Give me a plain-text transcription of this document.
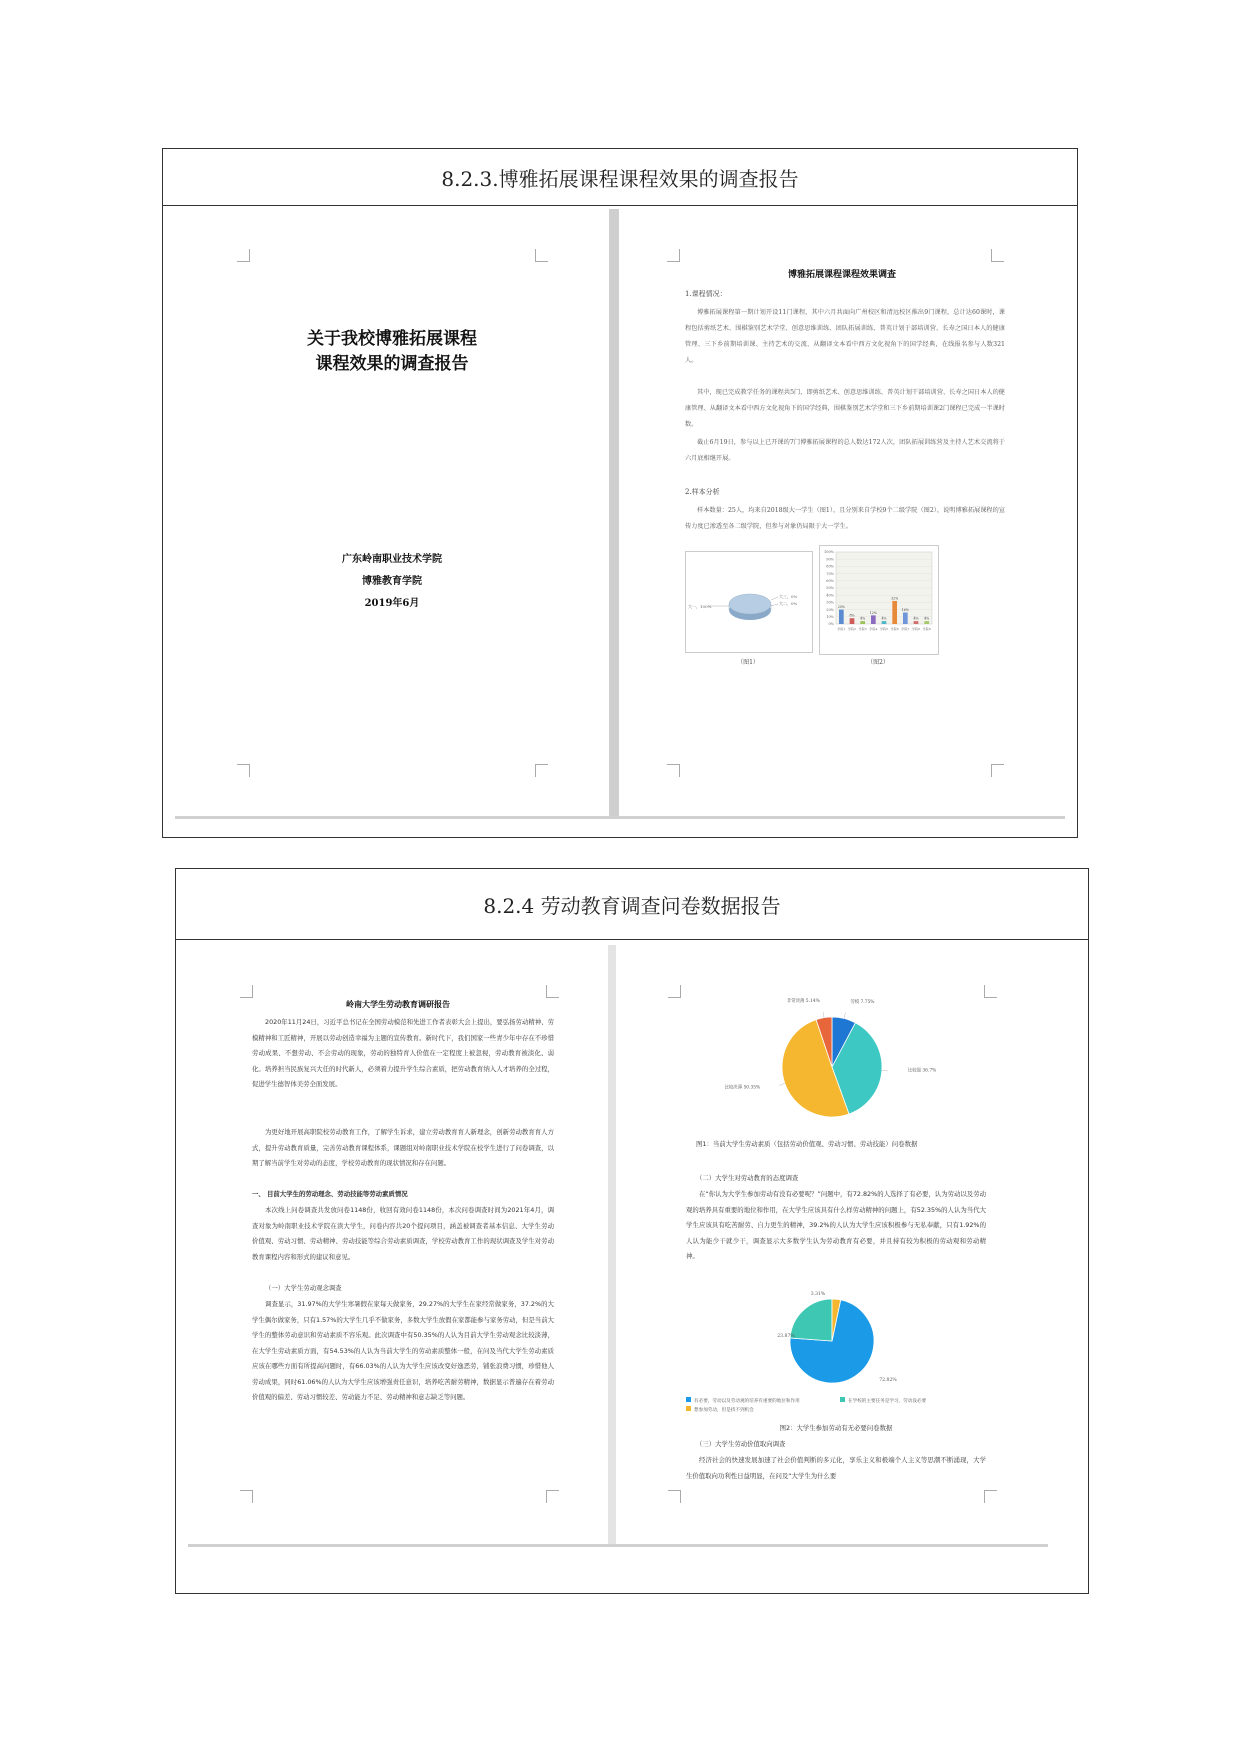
8.2.3.博雅拓展课程课程效果的调查报告
关于我校博雅拓展课程
课程效果的调查报告
广东岭南职业技术学院
博雅教育学院
2019年6月
博雅拓展课程课程效果调查
1.课程情况：
博雅拓展课程第一期计划开设11门课程，其中六月共面向广州校区和清远校区推出9门课程，总计达60课时，课程包括剪纸艺术、围棋鉴别艺术学堂、创意思维训练、团队拓展训练、普英计划于部培训营、长寿之国日本人的健康管理、三下乡前期培训课、主持艺术的交流、从翻译文本看中西方文化视角下的国学经典，在线报名参与人数321人。
其中，现已完成教学任务的课程共5门，即剪纸艺术、创意思维训练、普英计划干部培训营、长寿之国日本人的健康管理、从翻译文本看中西方文化视角下的国学经典，围棋鉴别艺术学堂和三下乡前期培训课2门课程已完成一半课时数。
截止6月19日，参与以上已开课的7门博雅拓展课程的总人数达172人次，团队拓展训练营及主持人艺术交流将于六月底相继开展。
2.样本分析
样本数量：25人，均来自2018级大一学生（图1），且分别来自学校9个二级学院（图2），说明博雅拓展课程的宣传力度已渗透至各二级学院，但参与对象仍局限于大一学生。
大一，100%
大三，0%
大二，0%
（图1）
100%
90%
80%
70%
60%
50%
40%
30%
20%
10%
0%
20%
学院1
8%
学院2
4%
学院3
12%
学院4
4%
学院5
32%
学院6
16%
学院7
4%
学院8
4%
学院9
（图2）
8.2.4 劳动教育调查问卷数据报告
岭南大学生劳动教育调研报告
2020年11月24日，习近平总书记在全国劳动模范和先进工作者表彰大会上提出，要弘扬劳动精神、劳模精神和工匠精神，开展以劳动创造幸福为主题的宣传教育。新时代下，我们国家一些青少年中存在不珍惜劳动成果、不想劳动、不会劳动的现象，劳动的独特育人价值在一定程度上被忽视，劳动教育被淡化、弱化。培养担当民族复兴大任的时代新人，必须着力提升学生综合素质，把劳动教育纳入人才培养的全过程，促进学生德智体美劳全面发展。
为更好地开展高职院校劳动教育工作，了解学生诉求，建立劳动教育育人新理念，创新劳动教育育人方式，提升劳动教育质量，完善劳动教育课程体系，课题组对岭南职业技术学院在校学生进行了问卷调查，以期了解当前学生对劳动的态度，学校劳动教育的现状情况和存在问题。
一、 目前大学生的劳动理念、劳动技能等劳动素质情况
本次线上问卷调查共发放问卷1148份，收回有效问卷1148份，本次问卷调查时间为2021年4月，调查对象为岭南职业技术学院在读大学生，问卷内容共20个提问项目，涵盖被调查者基本信息、大学生劳动价值观、劳动习惯、劳动精神、劳动技能等综合劳动素质调查，学校劳动教育工作的现状调查及学生对劳动教育课程内容和形式的建议和意见。
（一）大学生劳动观念调查
调查显示，31.97%的大学生寒暑假在家每天做家务，29.27%的大学生在家经常做家务，37.2%的大学生偶尔做家务，只有1.57%的大学生几乎不做家务，多数大学生放假在家都能参与家务劳动，但是当前大学生的整体劳动意识和劳动素质不容乐观。此次调查中有50.35%的人认为目前大学生劳动观念比较淡薄，在大学生劳动素质方面，有54.53%的人认为当前大学生的劳动素质整体一般，在问及当代大学生劳动素质应该在哪些方面有所提高问题时，有66.03%的人认为大学生应该改变好逸恶劳，铺张浪费习惯，珍惜他人劳动成果，同时61.06%的人认为大学生应该增强责任意识，培养吃苦耐劳精神，数据显示普遍存在着劳动价值观的偏差、劳动习惯较差、劳动能力不足、劳动精神和意志缺乏等问题。
劳模 7.75%
比较强 36.7%
比较淡薄 50.35%
非常淡薄 5.14%
图1：当前大学生劳动素质（包括劳动价值观、劳动习惯、劳动技能）问卷数据
（二）大学生对劳动教育的态度调查
在“你认为大学生参加劳动有没有必要呢？”问题中，有72.82%的人选择了有必要，认为劳动以及劳动观的培养具有重要的地位和作用，在大学生应该具有什么样劳动精神的问题上，有52.35%的人认为当代大学生应该具有吃苦耐劳、自力更生的精神，39.2%的人认为大学生应该积极参与无私奉献，只有1.92%的人认为能少干就少干，调查显示大多数学生认为劳动教育有必要，并且持有较为积极的劳动观和劳动精神。
3.31%
23.87%
72.82%
有必要，劳动以及劳动观的培养有重要的地位和作用	在学校的主要任务是学习，劳动没必要
想参加劳动，但是找不到机会
图2：大学生参加劳动有无必要问卷数据
（三）大学生劳动价值取向调查
经济社会的快速发展加速了社会价值判断的多元化，享乐主义和极端个人主义等思潮不断涌现，大学生价值取向功利性日益明显，在问及“大学生为什么要
